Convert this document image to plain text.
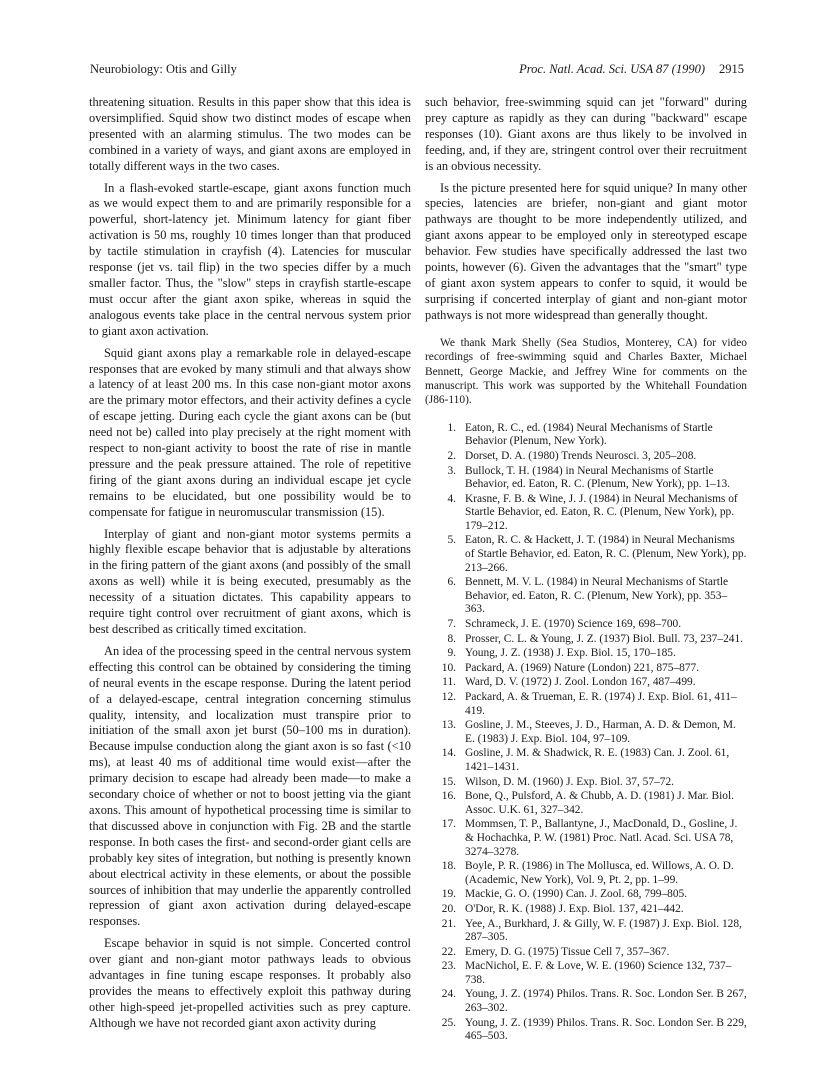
Neurobiology: Otis and Gilly	Proc. Natl. Acad. Sci. USA 87 (1990) 2915

threatening situation. Results in this paper show that this idea is oversimplified. Squid show two distinct modes of escape when presented with an alarming stimulus. The two modes can be combined in a variety of ways, and giant axons are employed in totally different ways in the two cases.

In a flash-evoked startle-escape, giant axons function much as we would expect them to and are primarily responsible for a powerful, short-latency jet. Minimum latency for giant fiber activation is 50 ms, roughly 10 times longer than that produced by tactile stimulation in crayfish (4). Latencies for muscular response (jet vs. tail flip) in the two species differ by a much smaller factor. Thus, the "slow" steps in crayfish startle-escape must occur after the giant axon spike, whereas in squid the analogous events take place in the central nervous system prior to giant axon activation.

Squid giant axons play a remarkable role in delayed-escape responses that are evoked by many stimuli and that always show a latency of at least 200 ms. In this case non-giant motor axons are the primary motor effectors, and their activity defines a cycle of escape jetting. During each cycle the giant axons can be (but need not be) called into play precisely at the right moment with respect to non-giant activity to boost the rate of rise in mantle pressure and the peak pressure attained. The role of repetitive firing of the giant axons during an individual escape jet cycle remains to be elucidated, but one possibility would be to compensate for fatigue in neuromuscular transmission (15).

Interplay of giant and non-giant motor systems permits a highly flexible escape behavior that is adjustable by alterations in the firing pattern of the giant axons (and possibly of the small axons as well) while it is being executed, presumably as the necessity of a situation dictates. This capability appears to require tight control over recruitment of giant axons, which is best described as critically timed excitation.

An idea of the processing speed in the central nervous system effecting this control can be obtained by considering the timing of neural events in the escape response. During the latent period of a delayed-escape, central integration concerning stimulus quality, intensity, and localization must transpire prior to initiation of the small axon jet burst (50–100 ms in duration). Because impulse conduction along the giant axon is so fast (<10 ms), at least 40 ms of additional time would exist—after the primary decision to escape had already been made—to make a secondary choice of whether or not to boost jetting via the giant axons. This amount of hypothetical processing time is similar to that discussed above in conjunction with Fig. 2B and the startle response. In both cases the first- and second-order giant cells are probably key sites of integration, but nothing is presently known about electrical activity in these elements, or about the possible sources of inhibition that may underlie the apparently controlled repression of giant axon activation during delayed-escape responses.

Escape behavior in squid is not simple. Concerted control over giant and non-giant motor pathways leads to obvious advantages in fine tuning escape responses. It probably also provides the means to effectively exploit this pathway during other high-speed jet-propelled activities such as prey capture. Although we have not recorded giant axon activity during

such behavior, free-swimming squid can jet "forward" during prey capture as rapidly as they can during "backward" escape responses (10). Giant axons are thus likely to be involved in feeding, and, if they are, stringent control over their recruitment is an obvious necessity.

Is the picture presented here for squid unique? In many other species, latencies are briefer, non-giant and giant motor pathways are thought to be more independently utilized, and giant axons appear to be employed only in stereotyped escape behavior. Few studies have specifically addressed the last two points, however (6). Given the advantages that the "smart" type of giant axon system appears to confer to squid, it would be surprising if concerted interplay of giant and non-giant motor pathways is not more widespread than generally thought.

We thank Mark Shelly (Sea Studios, Monterey, CA) for video recordings of free-swimming squid and Charles Baxter, Michael Bennett, George Mackie, and Jeffrey Wine for comments on the manuscript. This work was supported by the Whitehall Foundation (J86-110).

1. Eaton, R. C., ed. (1984) Neural Mechanisms of Startle Behavior (Plenum, New York).
2. Dorset, D. A. (1980) Trends Neurosci. 3, 205–208.
3. Bullock, T. H. (1984) in Neural Mechanisms of Startle Behavior, ed. Eaton, R. C. (Plenum, New York), pp. 1–13.
4. Krasne, F. B. & Wine, J. J. (1984) in Neural Mechanisms of Startle Behavior, ed. Eaton, R. C. (Plenum, New York), pp. 179–212.
5. Eaton, R. C. & Hackett, J. T. (1984) in Neural Mechanisms of Startle Behavior, ed. Eaton, R. C. (Plenum, New York), pp. 213–266.
6. Bennett, M. V. L. (1984) in Neural Mechanisms of Startle Behavior, ed. Eaton, R. C. (Plenum, New York), pp. 353–363.
7. Schrameck, J. E. (1970) Science 169, 698–700.
8. Prosser, C. L. & Young, J. Z. (1937) Biol. Bull. 73, 237–241.
9. Young, J. Z. (1938) J. Exp. Biol. 15, 170–185.
10. Packard, A. (1969) Nature (London) 221, 875–877.
11. Ward, D. V. (1972) J. Zool. London 167, 487–499.
12. Packard, A. & Trueman, E. R. (1974) J. Exp. Biol. 61, 411–419.
13. Gosline, J. M., Steeves, J. D., Harman, A. D. & Demon, M. E. (1983) J. Exp. Biol. 104, 97–109.
14. Gosline, J. M. & Shadwick, R. E. (1983) Can. J. Zool. 61, 1421–1431.
15. Wilson, D. M. (1960) J. Exp. Biol. 37, 57–72.
16. Bone, Q., Pulsford, A. & Chubb, A. D. (1981) J. Mar. Biol. Assoc. U.K. 61, 327–342.
17. Mommsen, T. P., Ballantyne, J., MacDonald, D., Gosline, J. & Hochachka, P. W. (1981) Proc. Natl. Acad. Sci. USA 78, 3274–3278.
18. Boyle, P. R. (1986) in The Mollusca, ed. Willows, A. O. D. (Academic, New York), Vol. 9, Pt. 2, pp. 1–99.
19. Mackie, G. O. (1990) Can. J. Zool. 68, 799–805.
20. O'Dor, R. K. (1988) J. Exp. Biol. 137, 421–442.
21. Yee, A., Burkhard, J. & Gilly, W. F. (1987) J. Exp. Biol. 128, 287–305.
22. Emery, D. G. (1975) Tissue Cell 7, 357–367.
23. MacNichol, E. F. & Love, W. E. (1960) Science 132, 737–738.
24. Young, J. Z. (1974) Philos. Trans. R. Soc. London Ser. B 267, 263–302.
25. Young, J. Z. (1939) Philos. Trans. R. Soc. London Ser. B 229, 465–503.
